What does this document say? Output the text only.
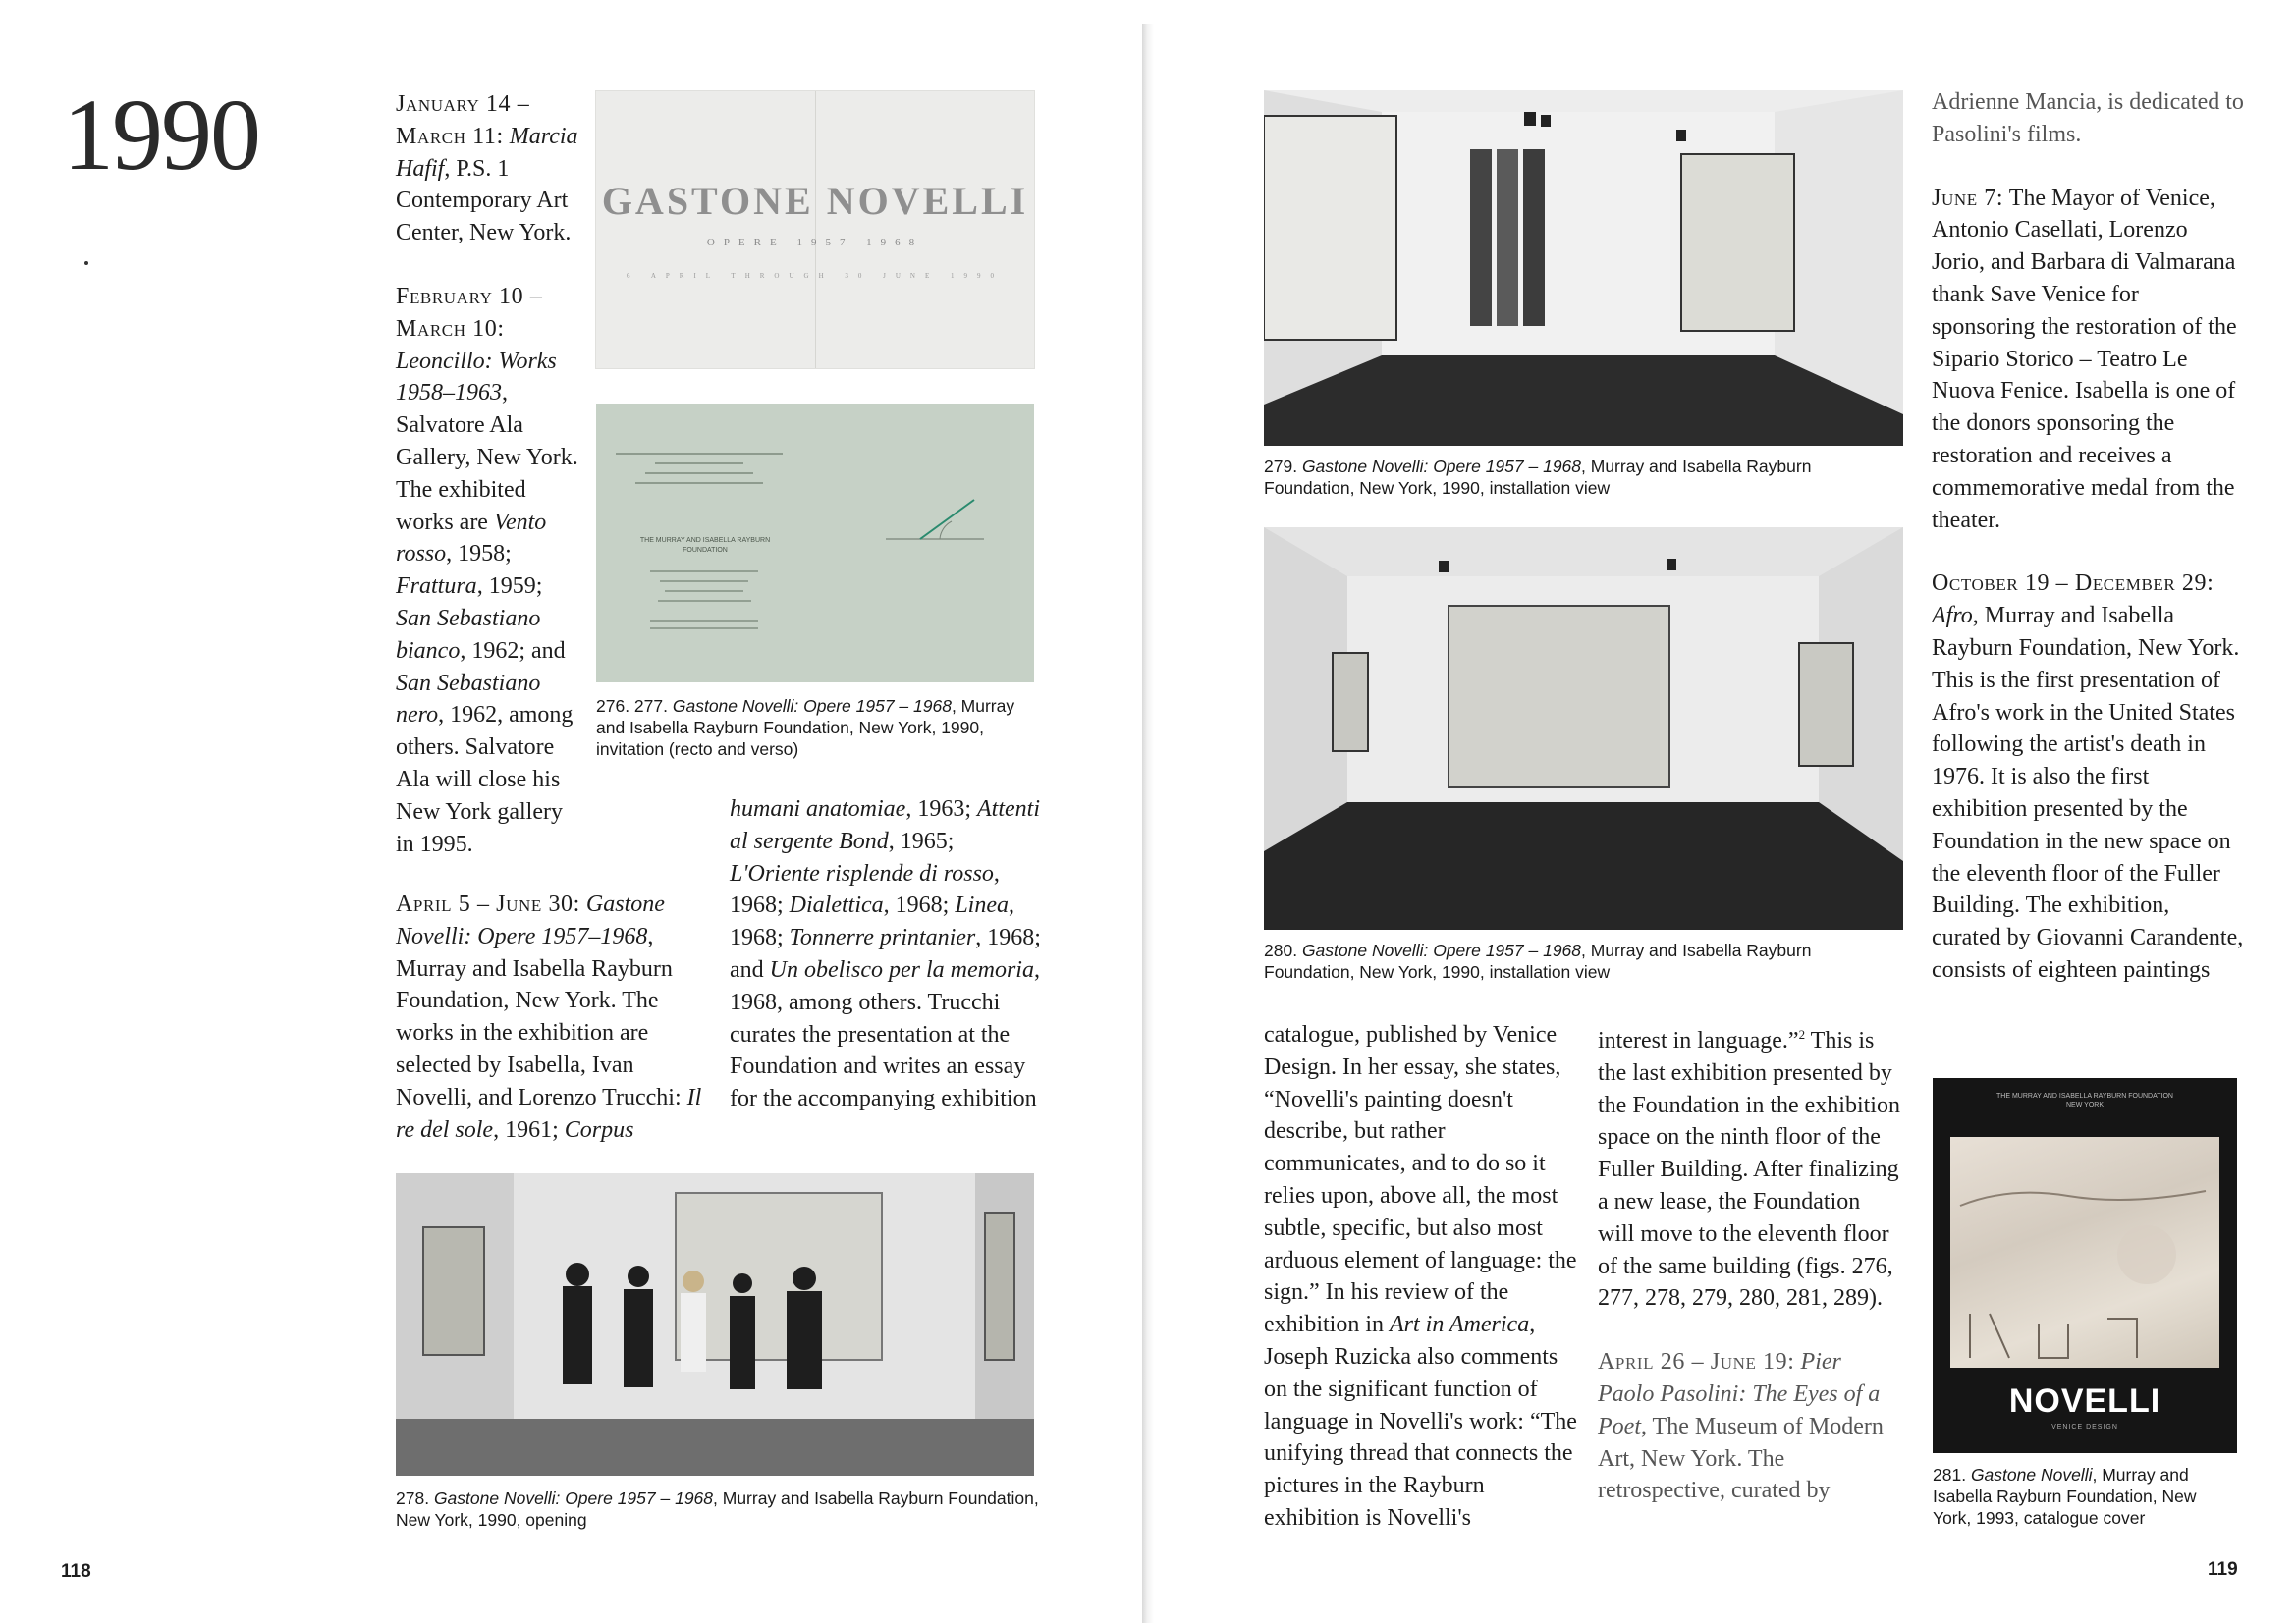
1990	January 14 – March 11: Marcia Hafif, P.S. 1 Contemporary Art Center, New York.

February 10 – March 10: Leoncillo: Works 1958–1963, Salvatore Ala Gallery, New York. The exhibited works are Vento rosso, 1958; Frattura, 1959; San Sebastiano bianco, 1962; and San Sebastiano nero, 1962, among others. Salvatore Ala will close his New York gallery in 1995.

GASTONE NOVELLI
OPERE 1957-1968
6 APRIL THROUGH 30 JUNE 1990
THE MURRAY AND ISABELLA RAYBURN FOUNDATION
276. 277. Gastone Novelli: Opere 1957 – 1968, Murray and Isabella Rayburn Foundation, New York, 1990, invitation (recto and verso)
April 5 – June 30: Gastone Novelli: Opere 1957–1968, Murray and Isabella Rayburn Foundation, New York. The works in the exhibition are selected by Isabella, Ivan Novelli, and Lorenzo Trucchi: Il re del sole, 1961; Corpus
humani anatomiae, 1963; Attenti al sergente Bond, 1965; L'Oriente risplende di rosso, 1968; Dialettica, 1968; Linea, 1968; Tonnerre printanier, 1968; and Un obelisco per la memoria, 1968, among others. Trucchi curates the presentation at the Foundation and writes an essay for the accompanying exhibition
278. Gastone Novelli: Opere 1957 – 1968, Murray and Isabella Rayburn Foundation, New York, 1990, opening
118
279. Gastone Novelli: Opere 1957 – 1968, Murray and Isabella Rayburn Foundation, New York, 1990, installation view
280. Gastone Novelli: Opere 1957 – 1968, Murray and Isabella Rayburn Foundation, New York, 1990, installation view
catalogue, published by Venice Design. In her essay, she states, “Novelli's painting doesn't describe, but rather communicates, and to do so it relies upon, above all, the most subtle, specific, but also most arduous element of language: the sign.” In his review of the exhibition in Art in America, Joseph Ruzicka also comments on the significant function of language in Novelli's work: “The unifying thread that connects the pictures in the Rayburn exhibition is Novelli's

interest in language.”$^2$ This is the last exhibition presented by the Foundation in the exhibition space on the ninth floor of the Fuller Building. After finalizing a new lease, the Foundation will move to the eleventh floor of the same building (figs. 276, 277, 278, 279, 280, 281, 289).

April 26 – June 19: Pier Paolo Pasolini: The Eyes of a Poet, The Museum of Modern Art, New York. The retrospective, curated by

Adrienne Mancia, is dedicated to Pasolini's films.

June 7: The Mayor of Venice, Antonio Casellati, Lorenzo Jorio, and Barbara di Valmarana thank Save Venice for sponsoring the restoration of the Sipario Storico – Teatro Le Nuova Fenice. Isabella is one of the donors sponsoring the restoration and receives a commemorative medal from the theater.

October 19 – December 29: Afro, Murray and Isabella Rayburn Foundation, New York. This is the first presentation of Afro's work in the United States following the artist's death in 1976. It is also the first exhibition presented by the Foundation in the new space on the eleventh floor of the Fuller Building. The exhibition, curated by Giovanni Carandente, consists of eighteen paintings

THE MURRAY AND ISABELLA RAYBURN FOUNDATION NEW YORK
NOVELLI
VENICE DESIGN
281. Gastone Novelli, Murray and Isabella Rayburn Foundation, New York, 1993, catalogue cover
119
